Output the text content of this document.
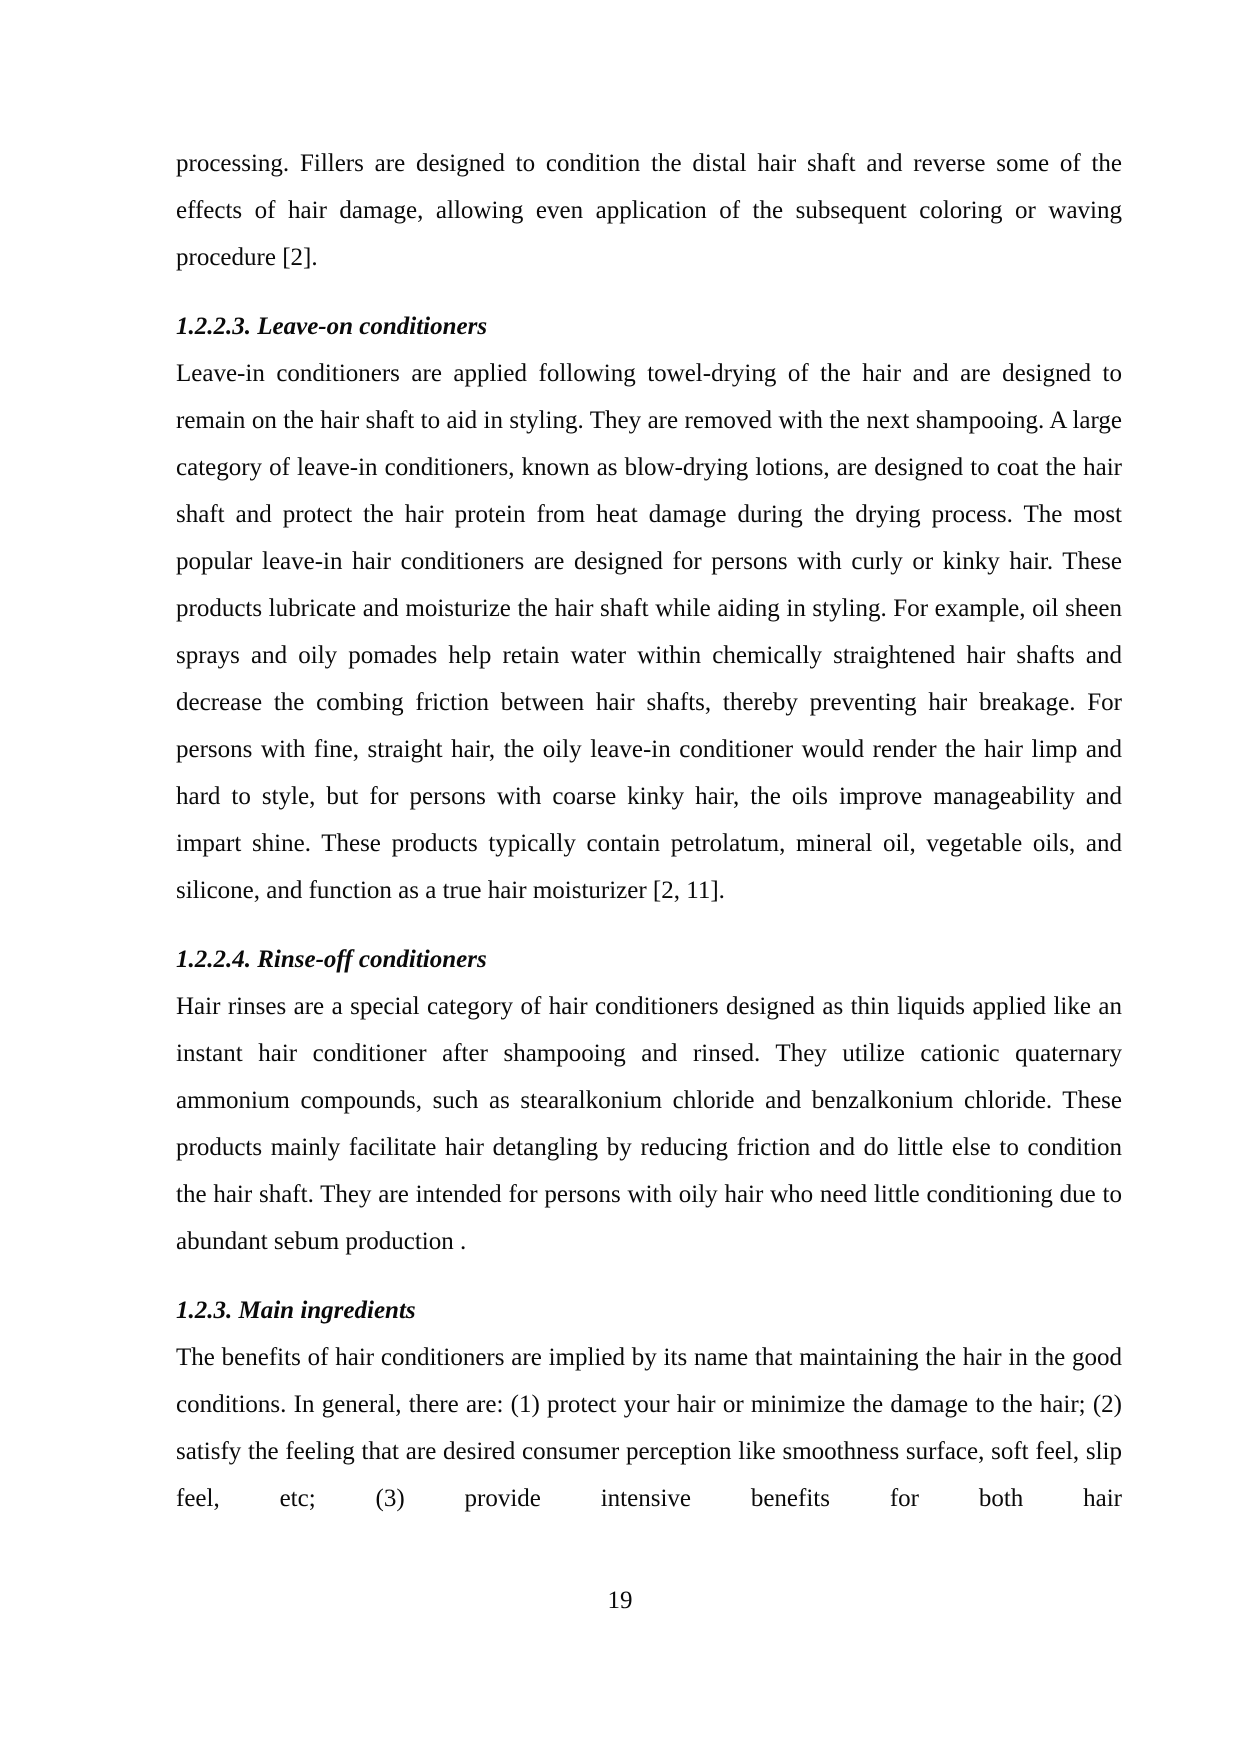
processing. Fillers are designed to condition the distal hair shaft and reverse some of the effects of hair damage, allowing even application of the subsequent coloring or waving procedure [2].

1.2.2.3. Leave-on conditioners

Leave-in conditioners are applied following towel-drying of the hair and are designed to remain on the hair shaft to aid in styling. They are removed with the next shampooing. A large category of leave-in conditioners, known as blow-drying lotions, are designed to coat the hair shaft and protect the hair protein from heat damage during the drying process. The most popular leave-in hair conditioners are designed for persons with curly or kinky hair. These products lubricate and moisturize the hair shaft while aiding in styling. For example, oil sheen sprays and oily pomades help retain water within chemically straightened hair shafts and decrease the combing friction between hair shafts, thereby preventing hair breakage. For persons with fine, straight hair, the oily leave-in conditioner would render the hair limp and hard to style, but for persons with coarse kinky hair, the oils improve manageability and impart shine. These products typically contain petrolatum, mineral oil, vegetable oils, and silicone, and function as a true hair moisturizer [2, 11].

1.2.2.4. Rinse-off conditioners

Hair rinses are a special category of hair conditioners designed as thin liquids applied like an instant hair conditioner after shampooing and rinsed. They utilize cationic quaternary ammonium compounds, such as stearalkonium chloride and benzalkonium chloride. These products mainly facilitate hair detangling by reducing friction and do little else to condition the hair shaft. They are intended for persons with oily hair who need little conditioning due to abundant sebum production .

1.2.3. Main ingredients

The benefits of hair conditioners are implied by its name that maintaining the hair in the good conditions. In general, there are: (1) protect your hair or minimize the damage to the hair; (2) satisfy the feeling that are desired consumer perception like smoothness surface, soft feel, slip feel, etc; (3) provide intensive benefits for both hair

19
